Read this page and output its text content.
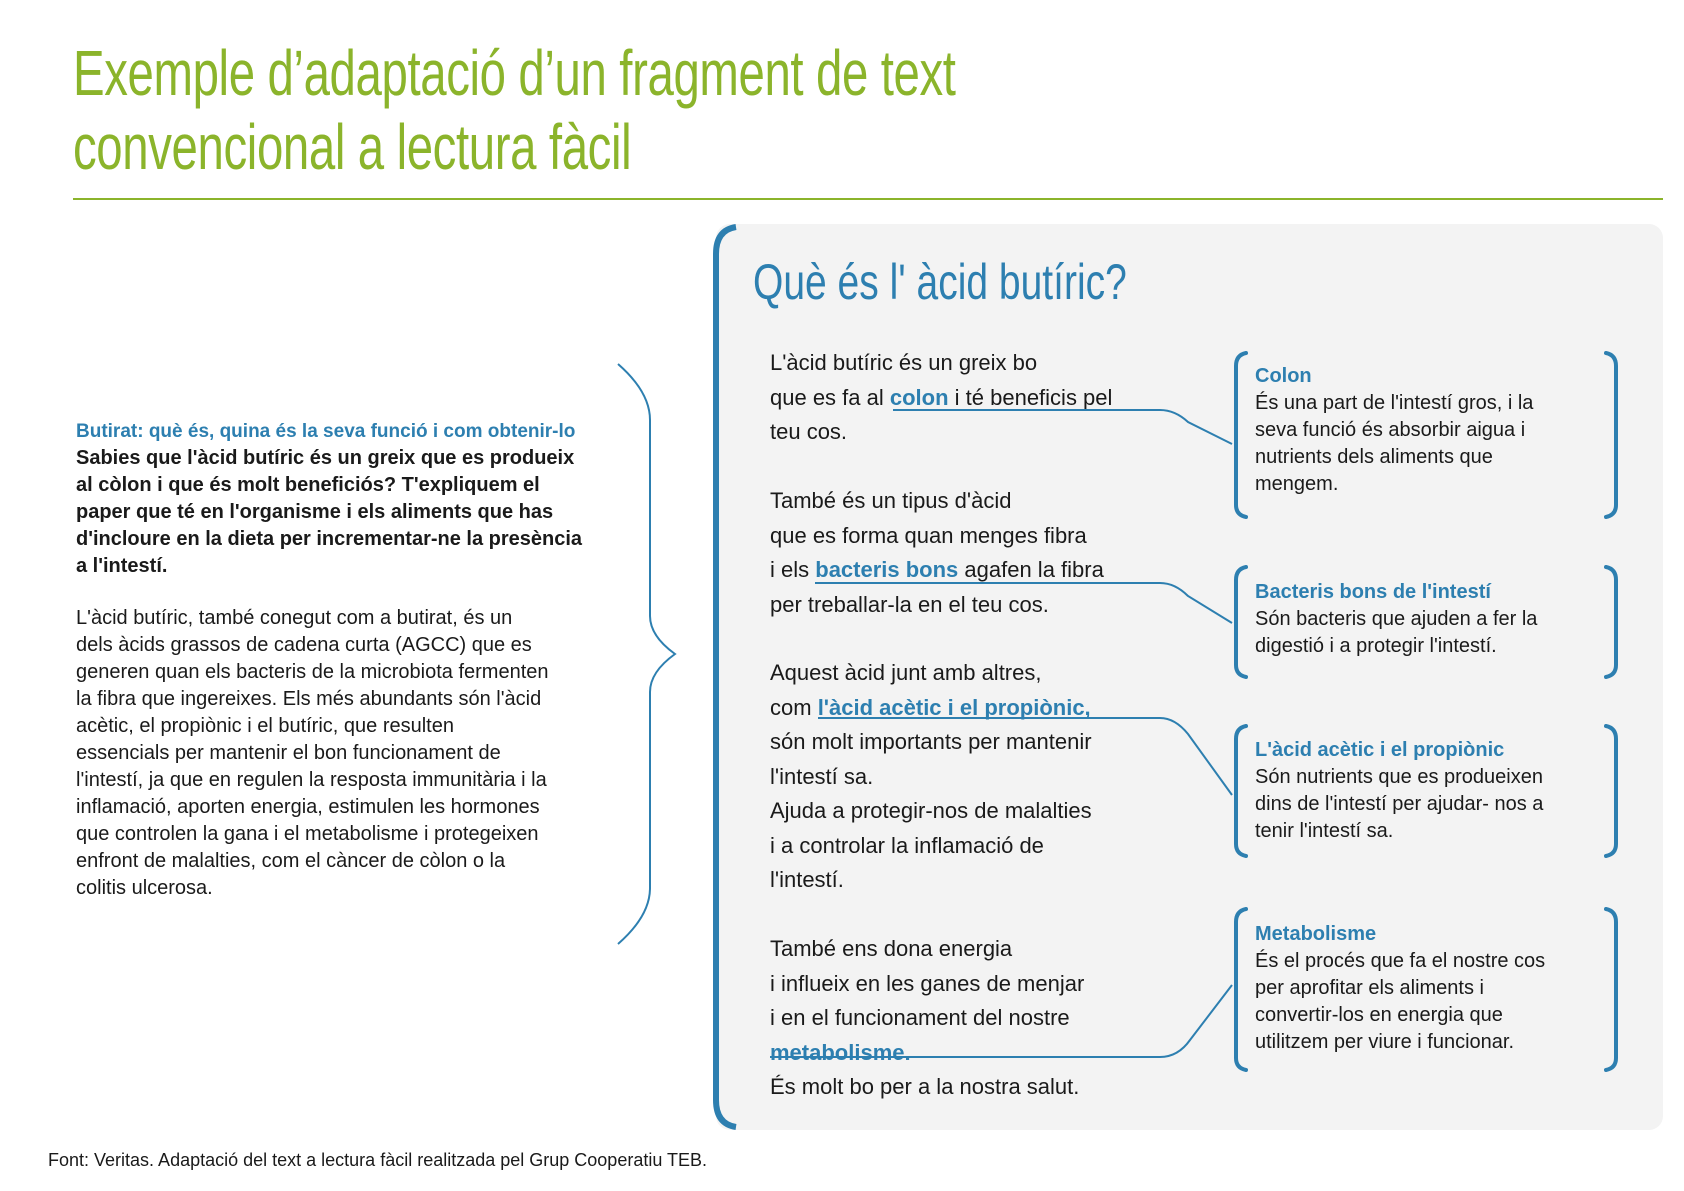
Exemple d’adaptació d’un fragment de text
convencional a lectura fàcil
Butirat: què és, quina és la seva funció i com obtenir-lo
Sabies que l'àcid butíric és un greix que es produeix
al còlon i que és molt beneficiós? T'expliquem el
paper que té en l'organisme i els aliments que has
d'incloure en la dieta per incrementar-ne la presència
a l'intestí.
L'àcid butíric, també conegut com a butirat, és un
dels àcids grassos de cadena curta (AGCC) que es
generen quan els bacteris de la microbiota fermenten
la fibra que ingereixes. Els més abundants són l'àcid
acètic, el propiònic i el butíric, que resulten
essencials per mantenir el bon funcionament de
l'intestí, ja que en regulen la resposta immunitària i la
inflamació, aporten energia, estimulen les hormones
que controlen la gana i el metabolisme i protegeixen
enfront de malalties, com el càncer de còlon o la
colitis ulcerosa.
Què és l' àcid butíric?
L'àcid butíric és un greix bo
que es fa al colon i té beneficis pel
teu cos.
També és un tipus d'àcid
que es forma quan menges fibra
i els bacteris bons agafen la fibra
per treballar-la en el teu cos.
Aquest àcid junt amb altres,
com l'àcid acètic i el propiònic,
són molt importants per mantenir
l'intestí sa.
Ajuda a protegir-nos de malalties
i a controlar la inflamació de
l'intestí.
També ens dona energia
i influeix en les ganes de menjar
i en el funcionament del nostre
metabolisme.
És molt bo per a la nostra salut.
Colon
És una part de l'intestí gros, i la
seva funció és absorbir aigua i
nutrients dels aliments que
mengem.
Bacteris bons de l'intestí
Són bacteris que ajuden a fer la
digestió i a protegir l'intestí.
L'àcid acètic i el propiònic
Són nutrients que es produeixen
dins de l'intestí per ajudar- nos a
tenir l'intestí sa.
Metabolisme
És el procés que fa el nostre cos
per aprofitar els aliments i
convertir-los en energia que
utilitzem per viure i funcionar.
Font: Veritas. Adaptació del text a lectura fàcil realitzada pel Grup Cooperatiu TEB.
